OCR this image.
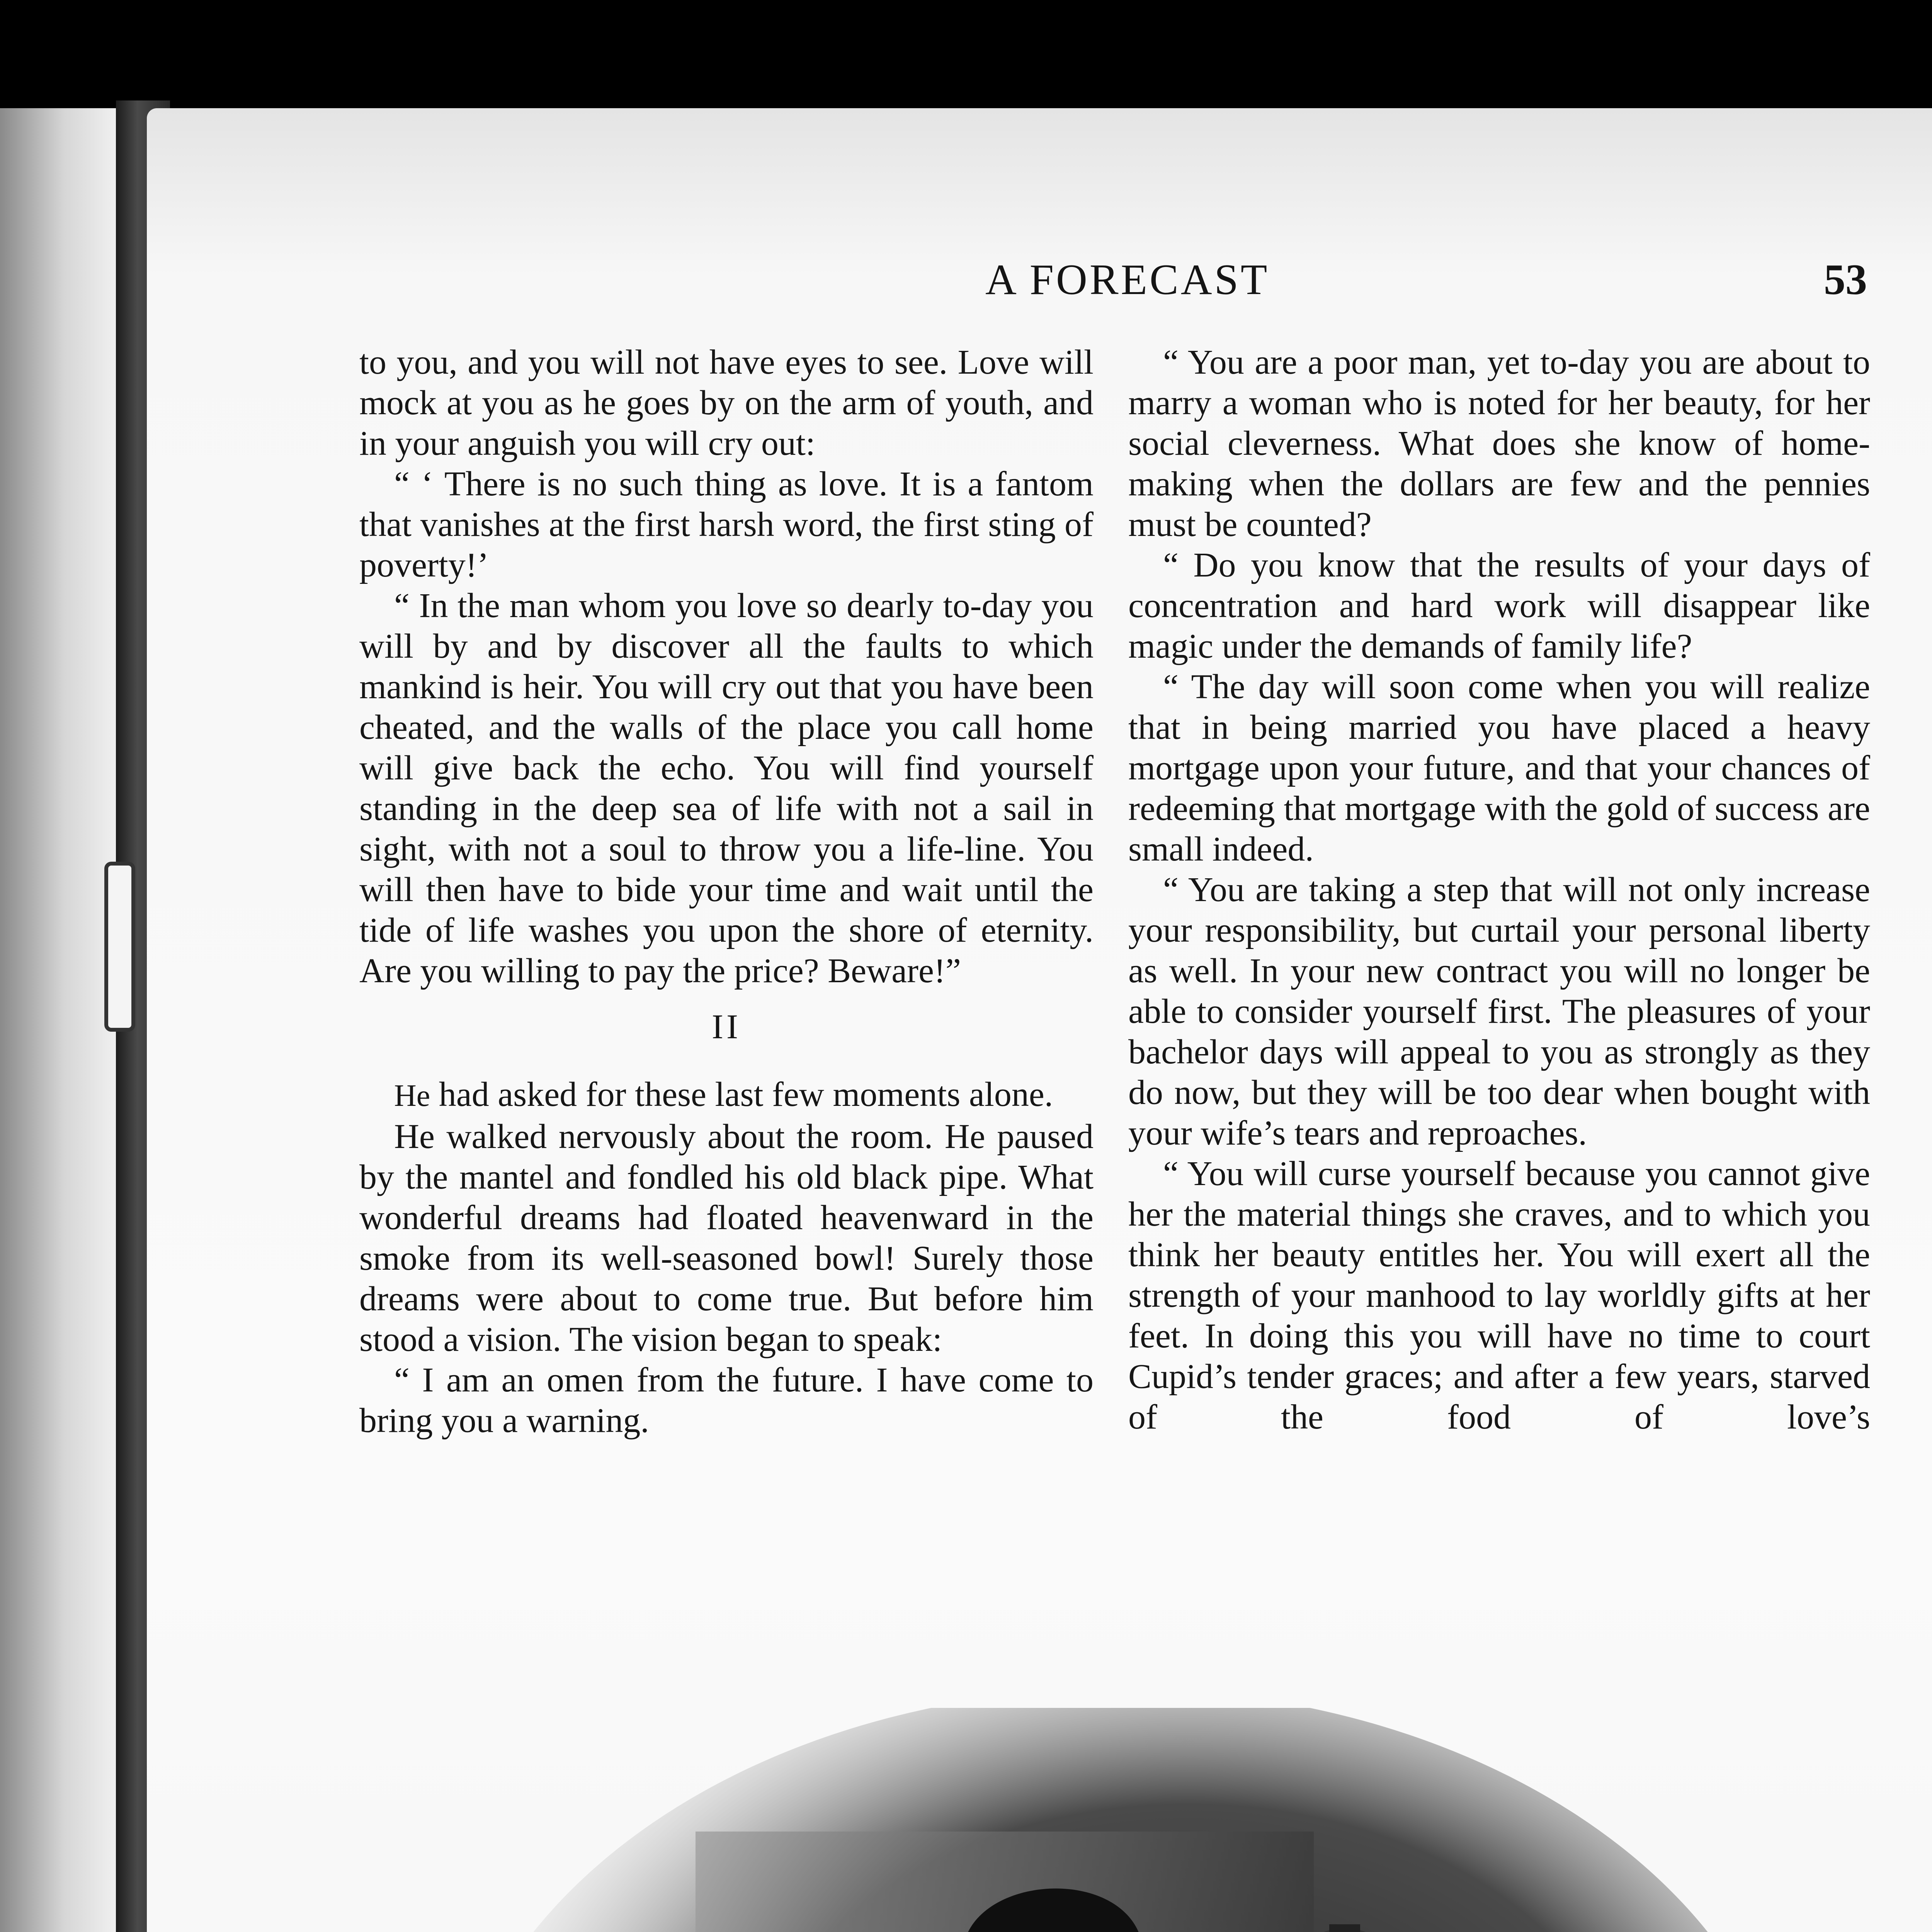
A FORECAST	53

to you, and you will not have eyes to see. Love will mock at you as he goes by on the arm of youth, and in your anguish you will cry out:

“ ‘ There is no such thing as love. It is a fantom that vanishes at the first harsh word, the first sting of poverty!’

“ In the man whom you love so dearly to-day you will by and by discover all the faults to which mankind is heir. You will cry out that you have been cheated, and the walls of the place you call home will give back the echo. You will find yourself standing in the deep sea of life with not a sail in sight, with not a soul to throw you a life-line. You will then have to bide your time and wait until the tide of life washes you upon the shore of eternity. Are you willing to pay the price? Beware!”

II

He had asked for these last few moments alone.

He walked nervously about the room. He paused by the mantel and fondled his old black pipe. What wonderful dreams had floated heavenward in the smoke from its well-seasoned bowl! Surely those dreams were about to come true. But before him stood a vision. The vision began to speak:

“ I am an omen from the future. I have come to bring you a warning.

“ You are a poor man, yet to-day you are about to marry a woman who is noted for her beauty, for her social cleverness. What does she know of home-making when the dollars are few and the pennies must be counted?

“ Do you know that the results of your days of concentration and hard work will disappear like magic under the demands of family life?

“ The day will soon come when you will realize that in being married you have placed a heavy mortgage upon your future, and that your chances of redeeming that mortgage with the gold of success are small indeed.

“ You are taking a step that will not only increase your responsibility, but curtail your personal liberty as well. In your new contract you will no longer be able to consider yourself first. The pleasures of your bachelor days will appeal to you as strongly as they do now, but they will be too dear when bought with your wife’s tears and reproaches.

“ You will curse yourself because you cannot give her the material things she craves, and to which you think her beauty entitles her. You will exert all the strength of your manhood to lay worldly gifts at her feet. In doing this you will have no time to court Cupid’s tender graces; and after a few years, starved of the food of love’s
